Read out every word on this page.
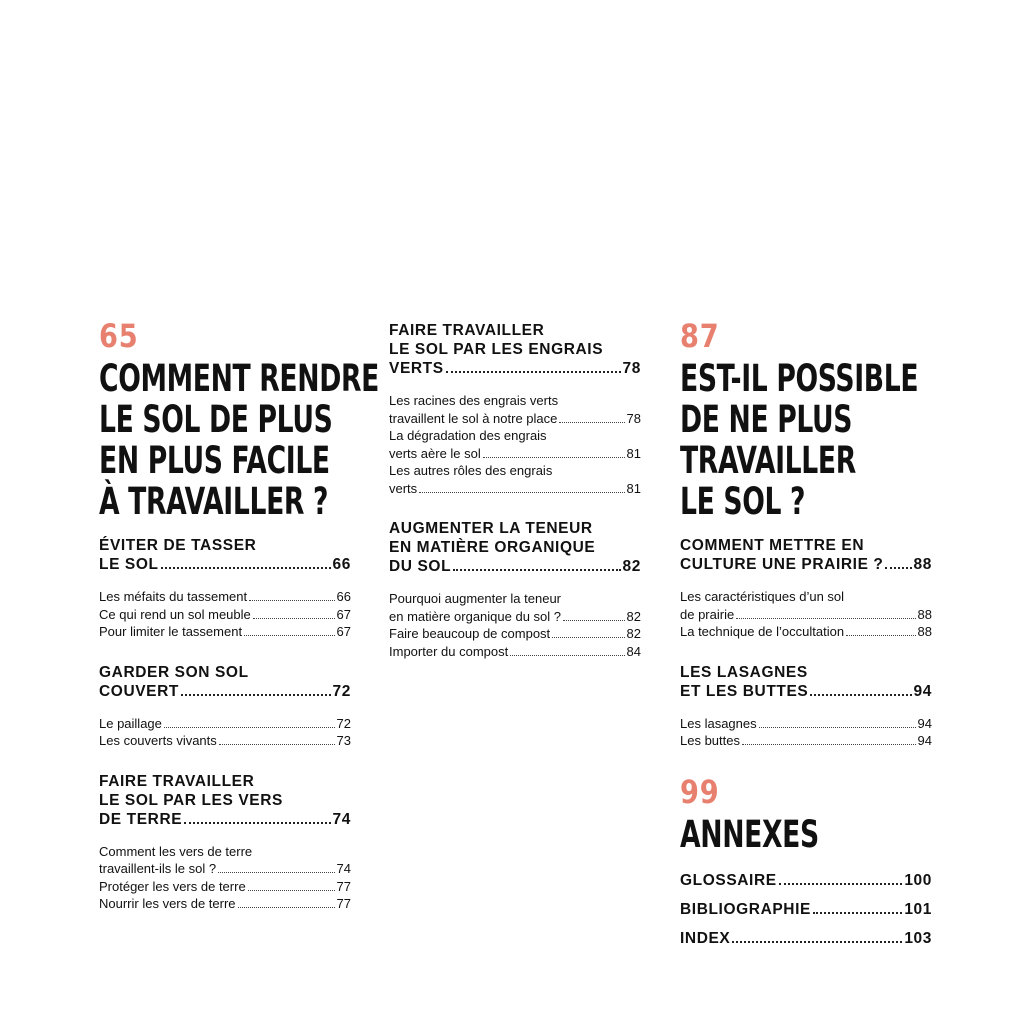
65
COMMENT RENDRE
LE SOL DE PLUS
EN PLUS FACILE
À TRAVAILLER ?
ÉVITER DE TASSER
LE SOL	66
Les méfaits du tassement	66
Ce qui rend un sol meuble	67
Pour limiter le tassement	67
GARDER SON SOL
COUVERT	72
Le paillage	72
Les couverts vivants	73
FAIRE TRAVAILLER
LE SOL PAR LES VERS
DE TERRE	74
Comment les vers de terre
travaillent-ils le sol ?	74
Protéger les vers de terre	77
Nourrir les vers de terre	77
FAIRE TRAVAILLER
LE SOL PAR LES ENGRAIS
VERTS	78
Les racines des engrais verts
travaillent le sol à notre place	78
La dégradation des engrais
verts aère le sol	81
Les autres rôles des engrais
verts	81
AUGMENTER LA TENEUR
EN MATIÈRE ORGANIQUE
DU SOL	82
Pourquoi augmenter la teneur
en matière organique du sol ?	82
Faire beaucoup de compost	82
Importer du compost	84
87
EST-IL POSSIBLE
DE NE PLUS
TRAVAILLER
LE SOL ?
COMMENT METTRE EN
CULTURE UNE PRAIRIE ? 88
Les caractéristiques d’un sol
de prairie	88
La technique de l’occultation	88
LES LASAGNES
ET LES BUTTES	94
Les lasagnes	94
Les buttes	94
99
ANNEXES
GLOSSAIRE	100
BIBLIOGRAPHIE	101
INDEX	103
